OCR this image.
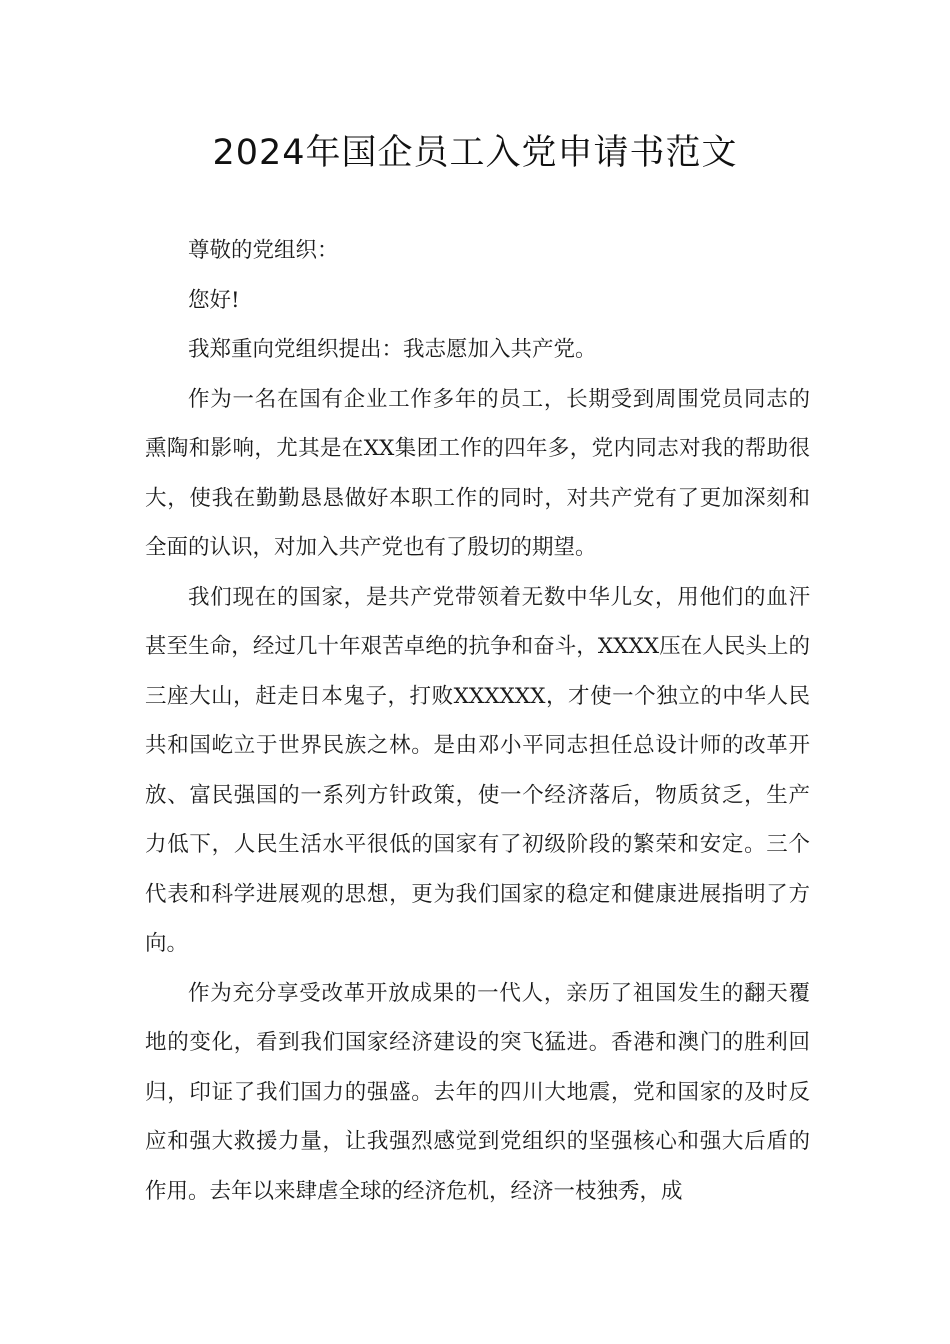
2024年国企员工入党申请书范文

尊敬的党组织：

您好!

我郑重向党组织提出：我志愿加入共产党。

作为一名在国有企业工作多年的员工，长期受到周围党员同志的熏陶和影响，尤其是在XX集团工作的四年多，党内同志对我的帮助很大，使我在勤勤恳恳做好本职工作的同时，对共产党有了更加深刻和全面的认识，对加入共产党也有了殷切的期望。

我们现在的国家，是共产党带领着无数中华儿女，用他们的血汗甚至生命，经过几十年艰苦卓绝的抗争和奋斗，XXXX压在人民头上的三座大山，赶走日本鬼子，打败XXXXXX，才使一个独立的中华人民共和国屹立于世界民族之林。是由邓小平同志担任总设计师的改革开放、富民强国的一系列方针政策，使一个经济落后，物质贫乏，生产力低下，人民生活水平很低的国家有了初级阶段的繁荣和安定。三个代表和科学进展观的思想，更为我们国家的稳定和健康进展指明了方向。

作为充分享受改革开放成果的一代人，亲历了祖国发生的翻天覆地的变化，看到我们国家经济建设的突飞猛进。香港和澳门的胜利回归，印证了我们国力的强盛。去年的四川大地震，党和国家的及时反应和强大救援力量，让我强烈感觉到党组织的坚强核心和强大后盾的作用。去年以来肆虐全球的经济危机，经济一枝独秀，成
